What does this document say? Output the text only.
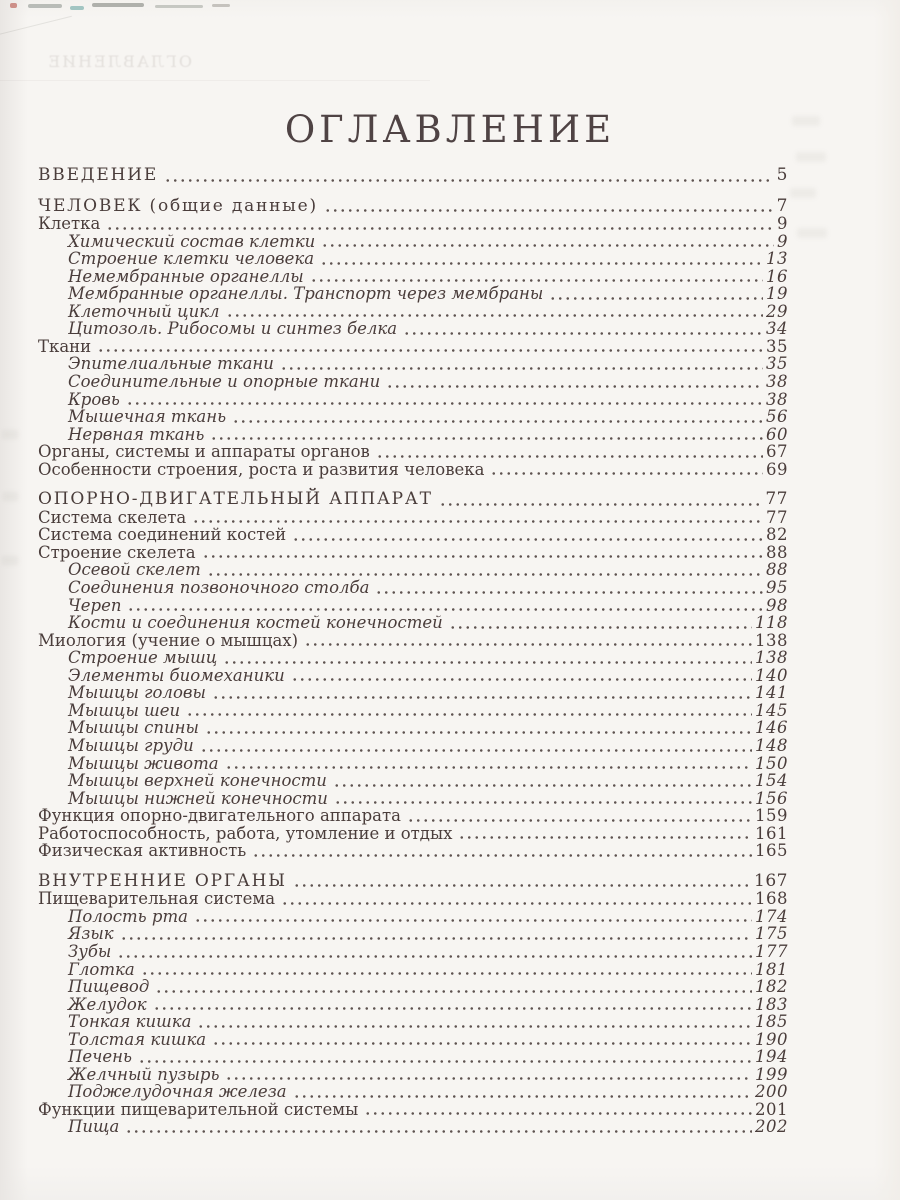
ОГЛАВЛЕНИЕ
ОГЛАВЛЕНИЕ
ВВЕДЕНИЕ	5
ЧЕЛОВЕК (общие данные)	7
Клетка	9
Химический состав клетки	9
Строение клетки человека	13
Немембранные органеллы	16
Мембранные органеллы. Транспорт через мембраны	19
Клеточный цикл	29
Цитозоль. Рибосомы и синтез белка	34
Ткани	35
Эпителиальные ткани	35
Соединительные и опорные ткани	38
Кровь	38
Мышечная ткань	56
Нервная ткань	60
Органы, системы и аппараты органов	67
Особенности строения, роста и развития человека	69
ОПОРНО-ДВИГАТЕЛЬНЫЙ АППАРАТ	77
Система скелета	77
Система соединений костей	82
Строение скелета	88
Осевой скелет	88
Соединения позвоночного столба	95
Череп	98
Кости и соединения костей конечностей	118
Миология (учение о мышцах)	138
Строение мышц	138
Элементы биомеханики	140
Мышцы головы	141
Мышцы шеи	145
Мышцы спины	146
Мышцы груди	148
Мышцы живота	150
Мышцы верхней конечности	154
Мышцы нижней конечности	156
Функция опорно-двигательного аппарата	159
Работоспособность, работа, утомление и отдых	161
Физическая активность	165
ВНУТРЕННИЕ ОРГАНЫ	167
Пищеварительная система	168
Полость рта	174
Язык	175
Зубы	177
Глотка	181
Пищевод	182
Желудок	183
Тонкая кишка	185
Толстая кишка	190
Печень	194
Желчный пузырь	199
Поджелудочная железа	200
Функции пищеварительной системы	201
Пища	202
